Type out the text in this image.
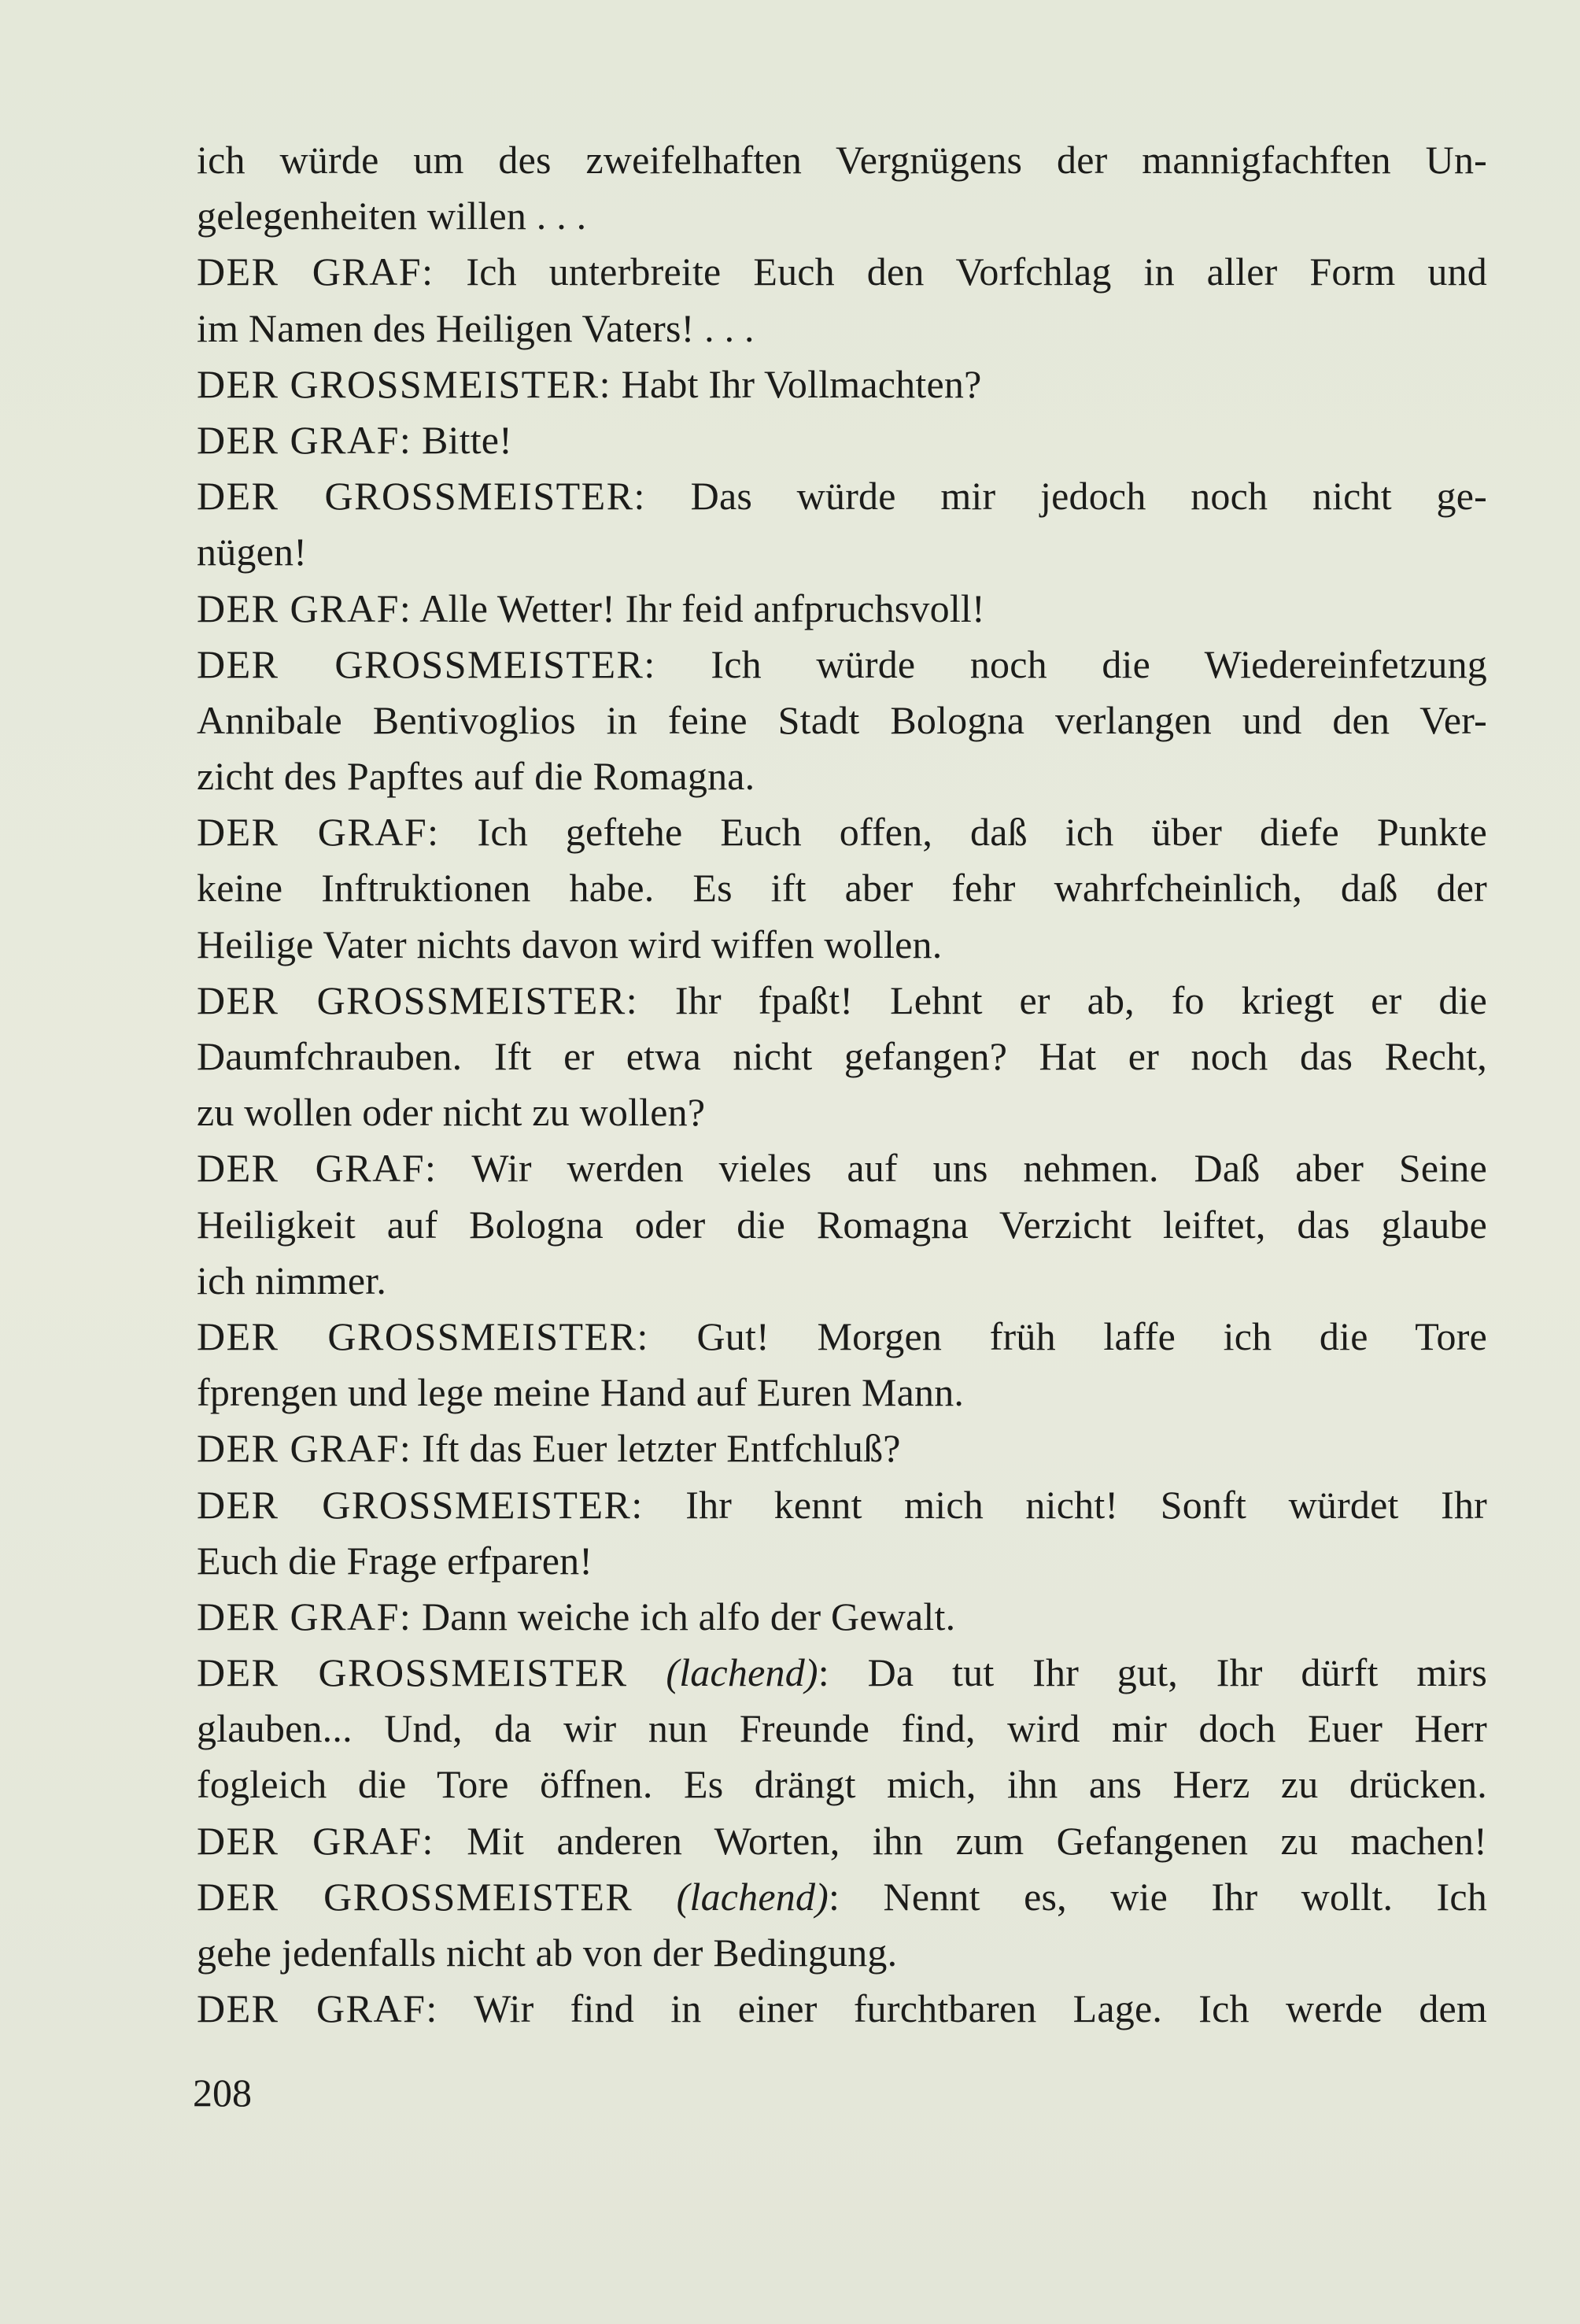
ich würde um des zweifelhaften Vergnügens der mannigfachften Un-
gelegenheiten willen . . .
DER GRAF: Ich unterbreite Euch den Vorfchlag in aller Form und
im Namen des Heiligen Vaters! . . .
DER GROSSMEISTER: Habt Ihr Vollmachten?
DER GRAF: Bitte!
DER GROSSMEISTER: Das würde mir jedoch noch nicht ge-
nügen!
DER GRAF: Alle Wetter! Ihr feid anfpruchsvoll!
DER GROSSMEISTER: Ich würde noch die Wiedereinfetzung
Annibale Bentivoglios in feine Stadt Bologna verlangen und den Ver-
zicht des Papftes auf die Romagna.
DER GRAF: Ich geftehe Euch offen, daß ich über diefe Punkte
keine Inftruktionen habe. Es ift aber fehr wahrfcheinlich, daß der
Heilige Vater nichts davon wird wiffen wollen.
DER GROSSMEISTER: Ihr fpaßt! Lehnt er ab, fo kriegt er die
Daumfchrauben. Ift er etwa nicht gefangen? Hat er noch das Recht,
zu wollen oder nicht zu wollen?
DER GRAF: Wir werden vieles auf uns nehmen. Daß aber Seine
Heiligkeit auf Bologna oder die Romagna Verzicht leiftet, das glaube
ich nimmer.
DER GROSSMEISTER: Gut! Morgen früh laffe ich die Tore
fprengen und lege meine Hand auf Euren Mann.
DER GRAF: Ift das Euer letzter Entfchluß?
DER GROSSMEISTER: Ihr kennt mich nicht! Sonft würdet Ihr
Euch die Frage erfparen!
DER GRAF: Dann weiche ich alfo der Gewalt.
DER GROSSMEISTER (lachend): Da tut Ihr gut, Ihr dürft mirs
glauben... Und, da wir nun Freunde find, wird mir doch Euer Herr
fogleich die Tore öffnen. Es drängt mich, ihn ans Herz zu drücken.
DER GRAF: Mit anderen Worten, ihn zum Gefangenen zu machen!
DER GROSSMEISTER (lachend): Nennt es, wie Ihr wollt. Ich
gehe jedenfalls nicht ab von der Bedingung.
DER GRAF: Wir find in einer furchtbaren Lage. Ich werde dem
208
